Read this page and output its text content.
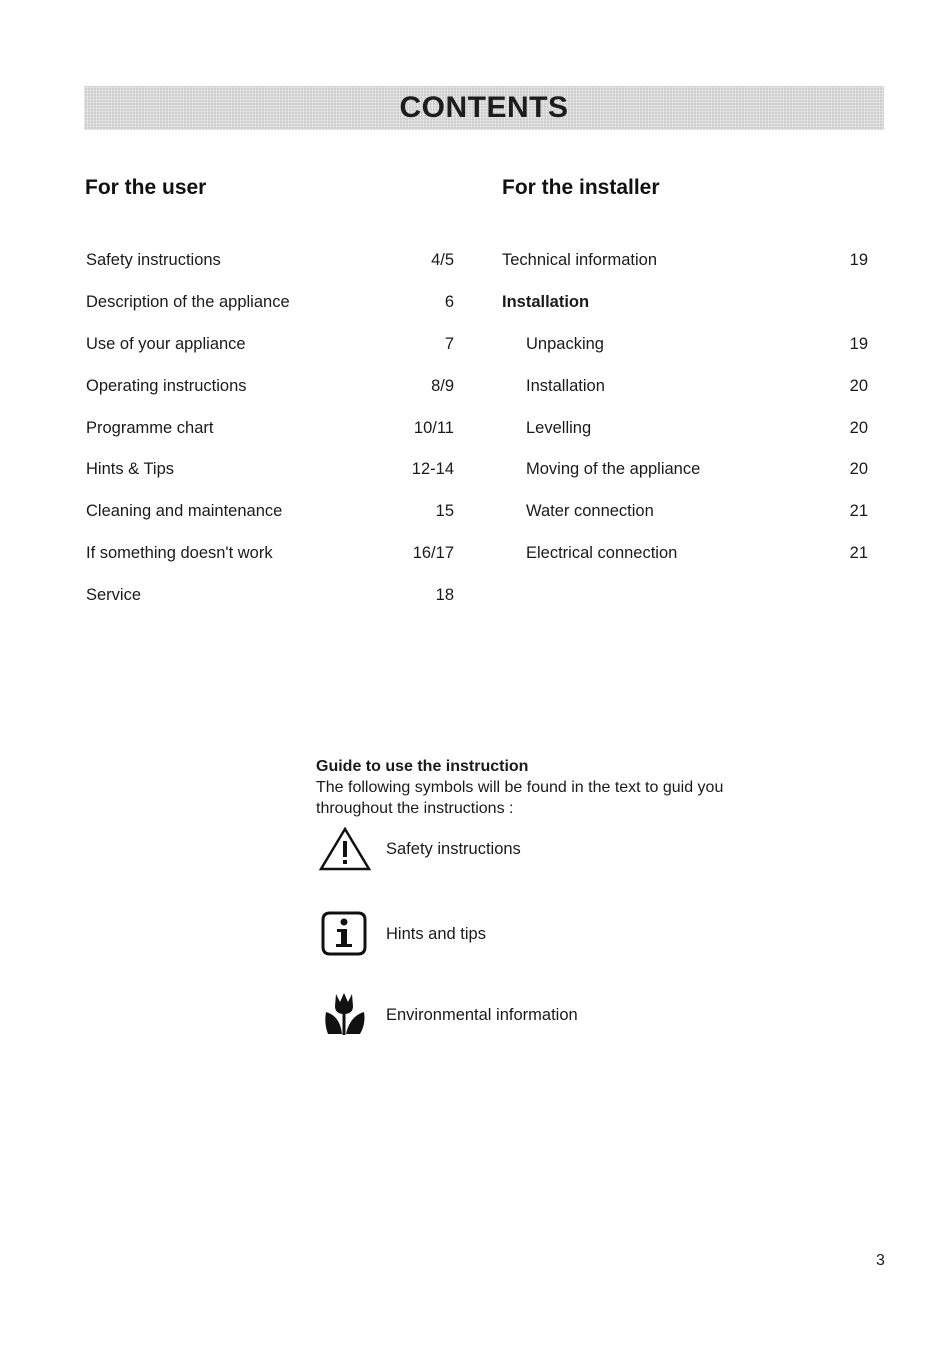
CONTENTS
For the user	For the installer
Safety instructions	4/5
Description of the appliance	6
Use of your appliance	7
Operating instructions	8/9
Programme chart	10/11
Hints & Tips	12-14
Cleaning and maintenance	15
If something doesn't work	16/17
Service	18
Technical information	19
Installation
Unpacking	19
Installation	20
Levelling	20
Moving of the appliance	20
Water connection	21
Electrical connection	21
Guide to use the instruction
The following symbols will be found in the text to guid you
throughout the instructions :
Safety instructions
Hints and tips
Environmental information
3
